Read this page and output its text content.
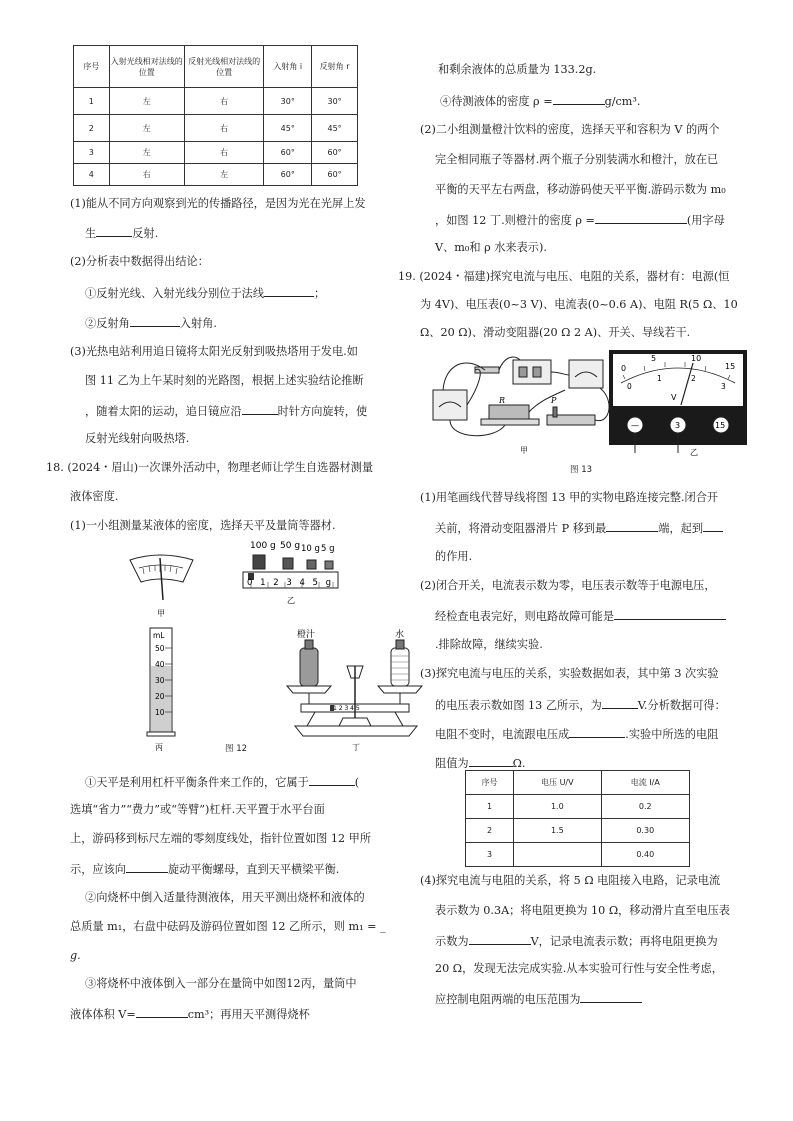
序号	入射光线相对法线的位置	反射光线相对法线的位置	入射角 i	反射角 r
1	左	右	30°	30°
2	左	右	45°	45°
3	左	右	60°	60°
4	右	左	60°	60°
(1)能从不同方向观察到光的传播路径，是因为光在光屏上发
生	反射.
(2)分析表中数据得出结论：
①反射光线、入射光线分别位于法线	；
②反射角	入射角.
(3)光热电站利用追日镜将太阳光反射到吸热塔用于发电.如
图 11 乙为上午某时刻的光路图，根据上述实验结论推断
，随着太阳的运动，追日镜应沿	时针方向旋转，使
反射光线射向吸热塔.
18. (2024・眉山)一次课外活动中，物理老师让学生自选器材测量
液体密度.
(1)一小组测量某液体的密度，选择天平及量筒等器材.
甲
100 g 50 g 10 g 5 g
0 1 2 3 4 5 g
乙
mL
50
40
30
20
10
丙
橙汁	水
1 2 3 4 5
丁
图 12
①天平是利用杠杆平衡条件来工作的，它属于	(
选填“省力”“费力”或“等臂”)杠杆.天平置于水平台面
上，游码移到标尺左端的零刻度线处，指针位置如图 12 甲所
示，应该向	旋动平衡螺母，直到天平横梁平衡.
②向烧杯中倒入适量待测液体，用天平测出烧杯和液体的
总质量 m₁，右盘中砝码及游码位置如图 12 乙所示，则 m₁ = _
g.
③将烧杯中液体倒入一部分在量筒中如图12丙，量筒中
液体体积 V=	cm³；再用天平测得烧杯
和剩余液体的总质量为 133.2g.
④待测液体的密度 ρ =	g/cm³.
(2)二小组测量橙汁饮料的密度，选择天平和容积为 V 的两个
完全相同瓶子等器材.两个瓶子分别装满水和橙汁，放在已
平衡的天平左右两盘，移动游码使天平平衡.游码示数为 m₀
，如图 12 丁.则橙汁的密度 ρ =	(用字母
V、m₀和 ρ 水来表示).
19. (2024・福建)探究电流与电压、电阻的关系，器材有：电源(恒
为 4V)、电压表(0~3 V)、电流表(0~0.6 A)、电阻 R(5 Ω、10
Ω、20 Ω)、滑动变阻器(20 Ω 2 A)、开关、导线若干.
R	P
甲
0
5	10
15
0
1	2
3
V
—	3	15
乙
图 13
(1)用笔画线代替导线将图 13 甲的实物电路连接完整.闭合开
关前，将滑动变阻器滑片 P 移到最	端，起到
的作用.
(2)闭合开关，电流表示数为零，电压表示数等于电源电压，
经检查电表完好，则电路故障可能是
.排除故障，继续实验.
(3)探究电流与电压的关系，实验数据如表，其中第 3 次实验
的电压表示数如图 13 乙所示，为	V.分析数据可得：
电阻不变时，电流跟电压成	.实验中所选的电阻
阻值为	Ω.
序号	电压 U/V	电流 I/A
1	1.0	0.2
2	1.5	0.30
3		0.40
(4)探究电流与电阻的关系，将 5 Ω 电阻接入电路，记录电流
表示数为 0.3A；将电阻更换为 10 Ω，移动滑片直至电压表
示数为	V，记录电流表示数；再将电阻更换为
20 Ω，发现无法完成实验.从本实验可行性与安全性考虑，
应控制电阻两端的电压范围为
